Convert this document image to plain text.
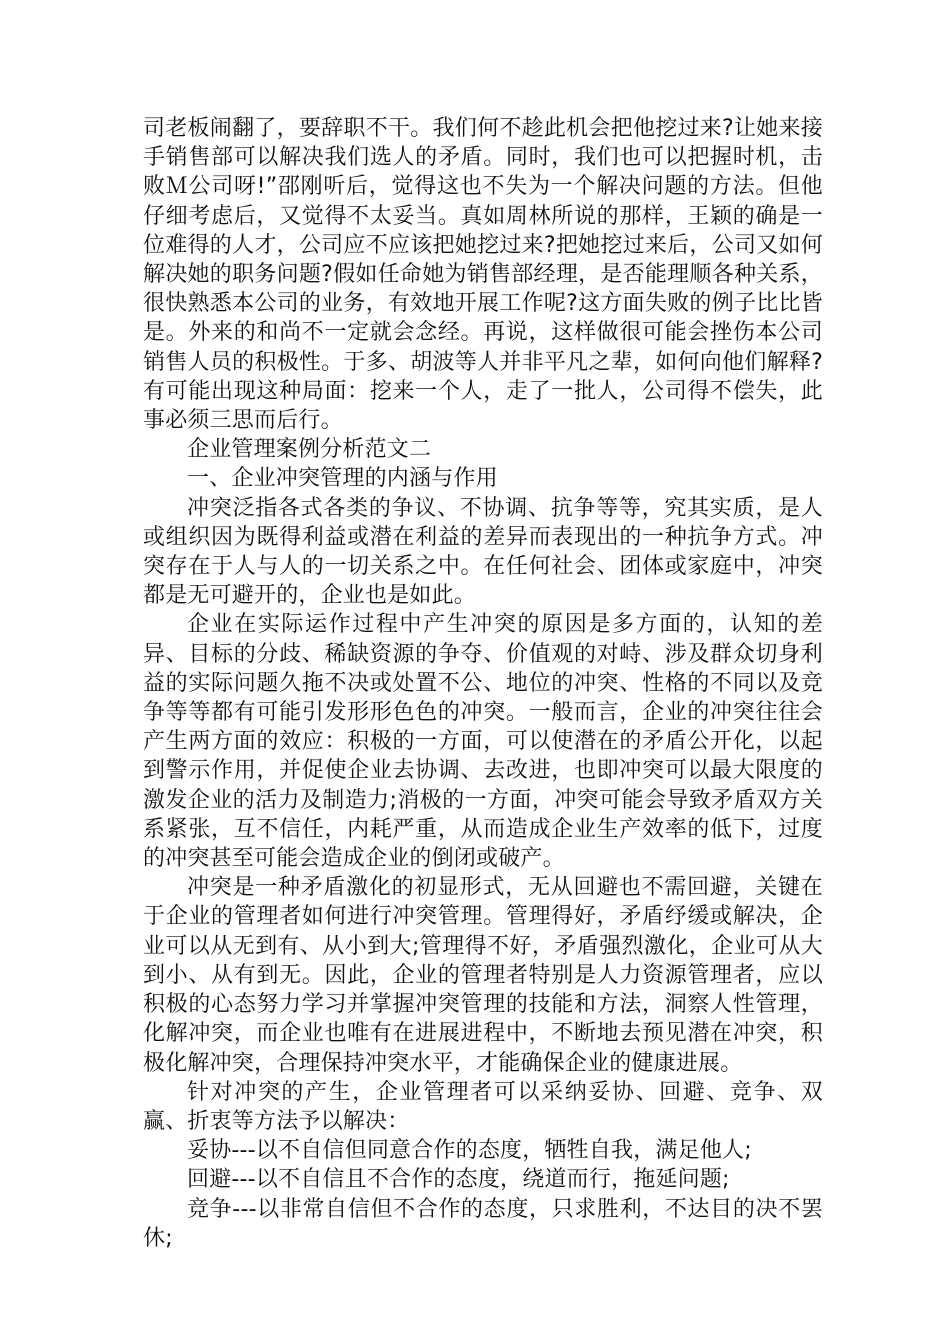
司老板闹翻了，要辞职不干。我们何不趁此机会把他挖过来?让她来接手销售部可以解决我们选人的矛盾。同时，我们也可以把握时机，击败Ｍ公司呀!”邵刚听后，觉得这也不失为一个解决问题的方法。但他仔细考虑后，又觉得不太妥当。真如周林所说的那样，王颖的确是一位难得的人才，公司应不应该把她挖过来?把她挖过来后，公司又如何解决她的职务问题?假如任命她为销售部经理，是否能理顺各种关系，很快熟悉本公司的业务，有效地开展工作呢?这方面失败的例子比比皆是。外来的和尚不一定就会念经。再说，这样做很可能会挫伤本公司销售人员的积极性。于多、胡波等人并非平凡之辈，如何向他们解释?有可能出现这种局面：挖来一个人，走了一批人，公司得不偿失，此事必须三思而后行。

企业管理案例分析范文二

一、企业冲突管理的内涵与作用

冲突泛指各式各类的争议、不协调、抗争等等，究其实质，是人或组织因为既得利益或潜在利益的差异而表现出的一种抗争方式。冲突存在于人与人的一切关系之中。在任何社会、团体或家庭中，冲突都是无可避开的，企业也是如此。

企业在实际运作过程中产生冲突的原因是多方面的，认知的差异、目标的分歧、稀缺资源的争夺、价值观的对峙、涉及群众切身利益的实际问题久拖不决或处置不公、地位的冲突、性格的不同以及竞争等等都有可能引发形形色色的冲突。一般而言，企业的冲突往往会产生两方面的效应：积极的一方面，可以使潜在的矛盾公开化，以起到警示作用，并促使企业去协调、去改进，也即冲突可以最大限度的激发企业的活力及制造力;消极的一方面，冲突可能会导致矛盾双方关系紧张，互不信任，内耗严重，从而造成企业生产效率的低下，过度的冲突甚至可能会造成企业的倒闭或破产。

冲突是一种矛盾激化的初显形式，无从回避也不需回避，关键在于企业的管理者如何进行冲突管理。管理得好，矛盾纾缓或解决，企业可以从无到有、从小到大;管理得不好，矛盾强烈激化，企业可从大到小、从有到无。因此，企业的管理者特别是人力资源管理者，应以积极的心态努力学习并掌握冲突管理的技能和方法，洞察人性管理，化解冲突，而企业也唯有在进展进程中，不断地去预见潜在冲突，积极化解冲突，合理保持冲突水平，才能确保企业的健康进展。

针对冲突的产生，企业管理者可以采纳妥协、回避、竞争、双赢、折衷等方法予以解决：

妥协---以不自信但同意合作的态度，牺牲自我，满足他人;

回避---以不自信且不合作的态度，绕道而行，拖延问题;

竞争---以非常自信但不合作的态度，只求胜利，不达目的决不罢休;
